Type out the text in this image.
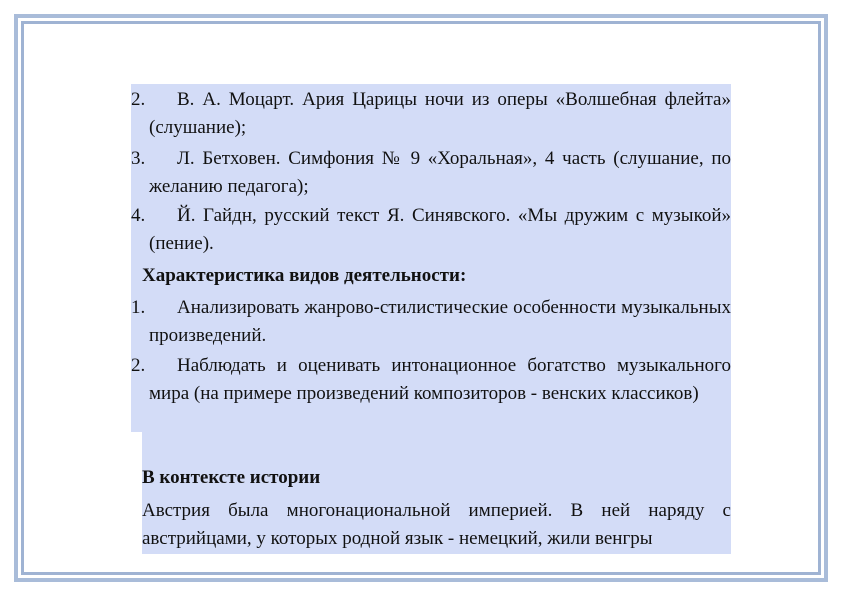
2.	В. А. Моцарт. Ария Царицы ночи из оперы «Волшебная флейта» (слушание);
3.	Л. Бетховен. Симфония № 9 «Хоральная», 4 часть (слушание, по желанию педагога);
4.	Й. Гайдн, русский текст Я. Синявского. «Мы дружим с музыкой» (пение).
Характеристика видов деятельности:
1.	Анализировать жанрово-стилистические особенности музыкальных произведений.
2.	Наблюдать и оценивать интонационное богатство музыкального мира (на примере произведений композиторов - венских классиков)
В контексте истории
Австрия была многонациональной империей. В ней наряду с австрийцами, у которых родной язык - немецкий, жили венгры
